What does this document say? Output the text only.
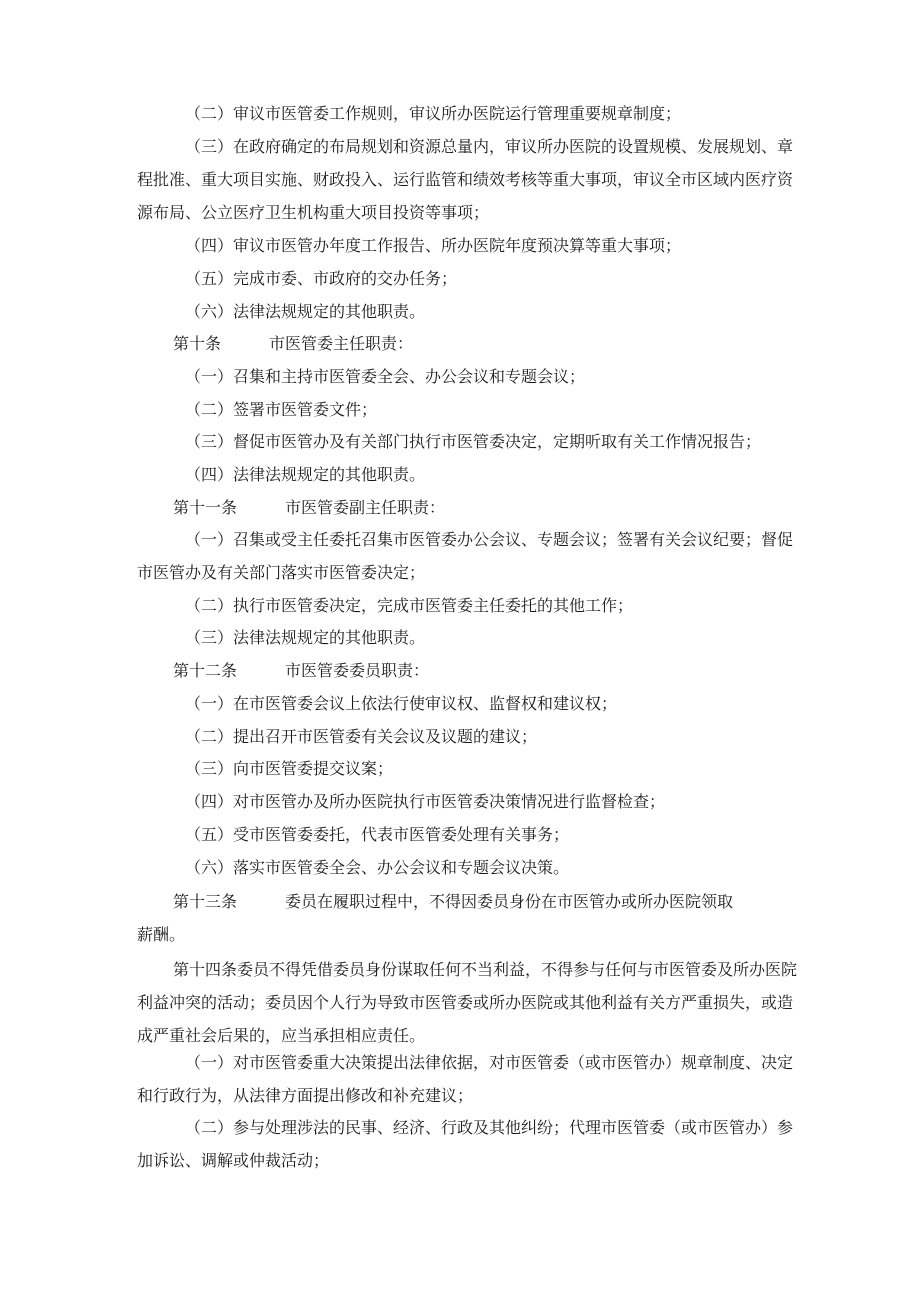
（二）审议市医管委工作规则，审议所办医院运行管理重要规章制度；

（三）在政府确定的布局规划和资源总量内，审议所办医院的设置规模、发展规划、章程批准、重大项目实施、财政投入、运行监管和绩效考核等重大事项，审议全市区域内医疗资源布局、公立医疗卫生机构重大项目投资等事项；

（四）审议市医管办年度工作报告、所办医院年度预决算等重大事项；

（五）完成市委、市政府的交办任务；

（六）法律法规规定的其他职责。

第十条	市医管委主任职责：

（一）召集和主持市医管委全会、办公会议和专题会议；

（二）签署市医管委文件；

（三）督促市医管办及有关部门执行市医管委决定，定期听取有关工作情况报告；

（四）法律法规规定的其他职责。

第十一条	市医管委副主任职责：

（一）召集或受主任委托召集市医管委办公会议、专题会议；签署有关会议纪要；督促市医管办及有关部门落实市医管委决定；

（二）执行市医管委决定，完成市医管委主任委托的其他工作；

（三）法律法规规定的其他职责。

第十二条	市医管委委员职责：

（一）在市医管委会议上依法行使审议权、监督权和建议权；

（二）提出召开市医管委有关会议及议题的建议；

（三）向市医管委提交议案；

（四）对市医管办及所办医院执行市医管委决策情况进行监督检查；

（五）受市医管委委托，代表市医管委处理有关事务；

（六）落实市医管委全会、办公会议和专题会议决策。

第十三条	委员在履职过程中，不得因委员身份在市医管办或所办医院领取薪酬。

第十四条委员不得凭借委员身份谋取任何不当利益，不得参与任何与市医管委及所办医院利益冲突的活动；委员因个人行为导致市医管委或所办医院或其他利益有关方严重损失，或造成严重社会后果的，应当承担相应责任。

（一）对市医管委重大决策提出法律依据，对市医管委（或市医管办）规章制度、决定和行政行为，从法律方面提出修改和补充建议；

（二）参与处理涉法的民事、经济、行政及其他纠纷；代理市医管委（或市医管办）参加诉讼、调解或仲裁活动；
